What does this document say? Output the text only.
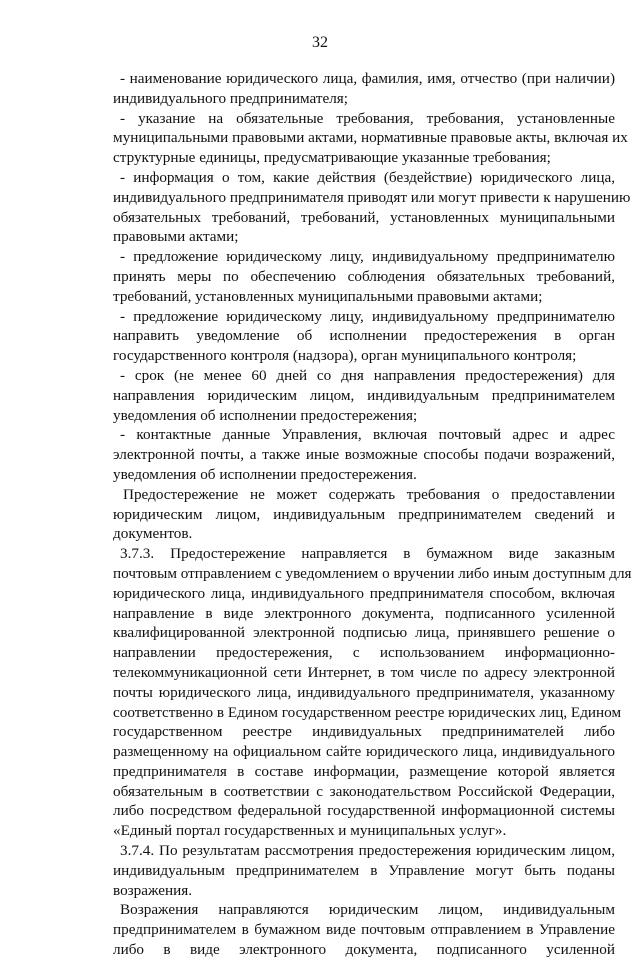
32
- наименование юридического лица, фамилия, имя, отчество (при наличии)
индивидуального предпринимателя;
- указание на обязательные требования, требования, установленные
муниципальными правовыми актами, нормативные правовые акты, включая их
структурные единицы, предусматривающие указанные требования;
- информация о том, какие действия (бездействие) юридического лица,
индивидуального предпринимателя приводят или могут привести к нарушению
обязательных требований, требований, установленных муниципальными
правовыми актами;
- предложение юридическому лицу, индивидуальному предпринимателю
принять меры по обеспечению соблюдения обязательных требований,
требований, установленных муниципальными правовыми актами;
- предложение юридическому лицу, индивидуальному предпринимателю
направить уведомление об исполнении предостережения в орган
государственного контроля (надзора), орган муниципального контроля;
- срок (не менее 60 дней со дня направления предостережения) для
направления юридическим лицом, индивидуальным предпринимателем
уведомления об исполнении предостережения;
- контактные данные Управления, включая почтовый адрес и адрес
электронной почты, а также иные возможные способы подачи возражений,
уведомления об исполнении предостережения.
Предостережение не может содержать требования о предоставлении
юридическим лицом, индивидуальным предпринимателем сведений и
документов.
3.7.3. Предостережение направляется в бумажном виде заказным
почтовым отправлением с уведомлением о вручении либо иным доступным для
юридического лица, индивидуального предпринимателя способом, включая
направление в виде электронного документа, подписанного усиленной
квалифицированной электронной подписью лица, принявшего решение о
направлении предостережения, с использованием информационно-
телекоммуникационной сети Интернет, в том числе по адресу электронной
почты юридического лица, индивидуального предпринимателя, указанному
соответственно в Едином государственном реестре юридических лиц, Едином
государственном реестре индивидуальных предпринимателей либо
размещенному на официальном сайте юридического лица, индивидуального
предпринимателя в составе информации, размещение которой является
обязательным в соответствии с законодательством Российской Федерации,
либо посредством федеральной государственной информационной системы
«Единый портал государственных и муниципальных услуг».
3.7.4. По результатам рассмотрения предостережения юридическим лицом,
индивидуальным предпринимателем в Управление могут быть поданы
возражения.
Возражения направляются юридическим лицом, индивидуальным
предпринимателем в бумажном виде почтовым отправлением в Управление
либо в виде электронного документа, подписанного усиленной
